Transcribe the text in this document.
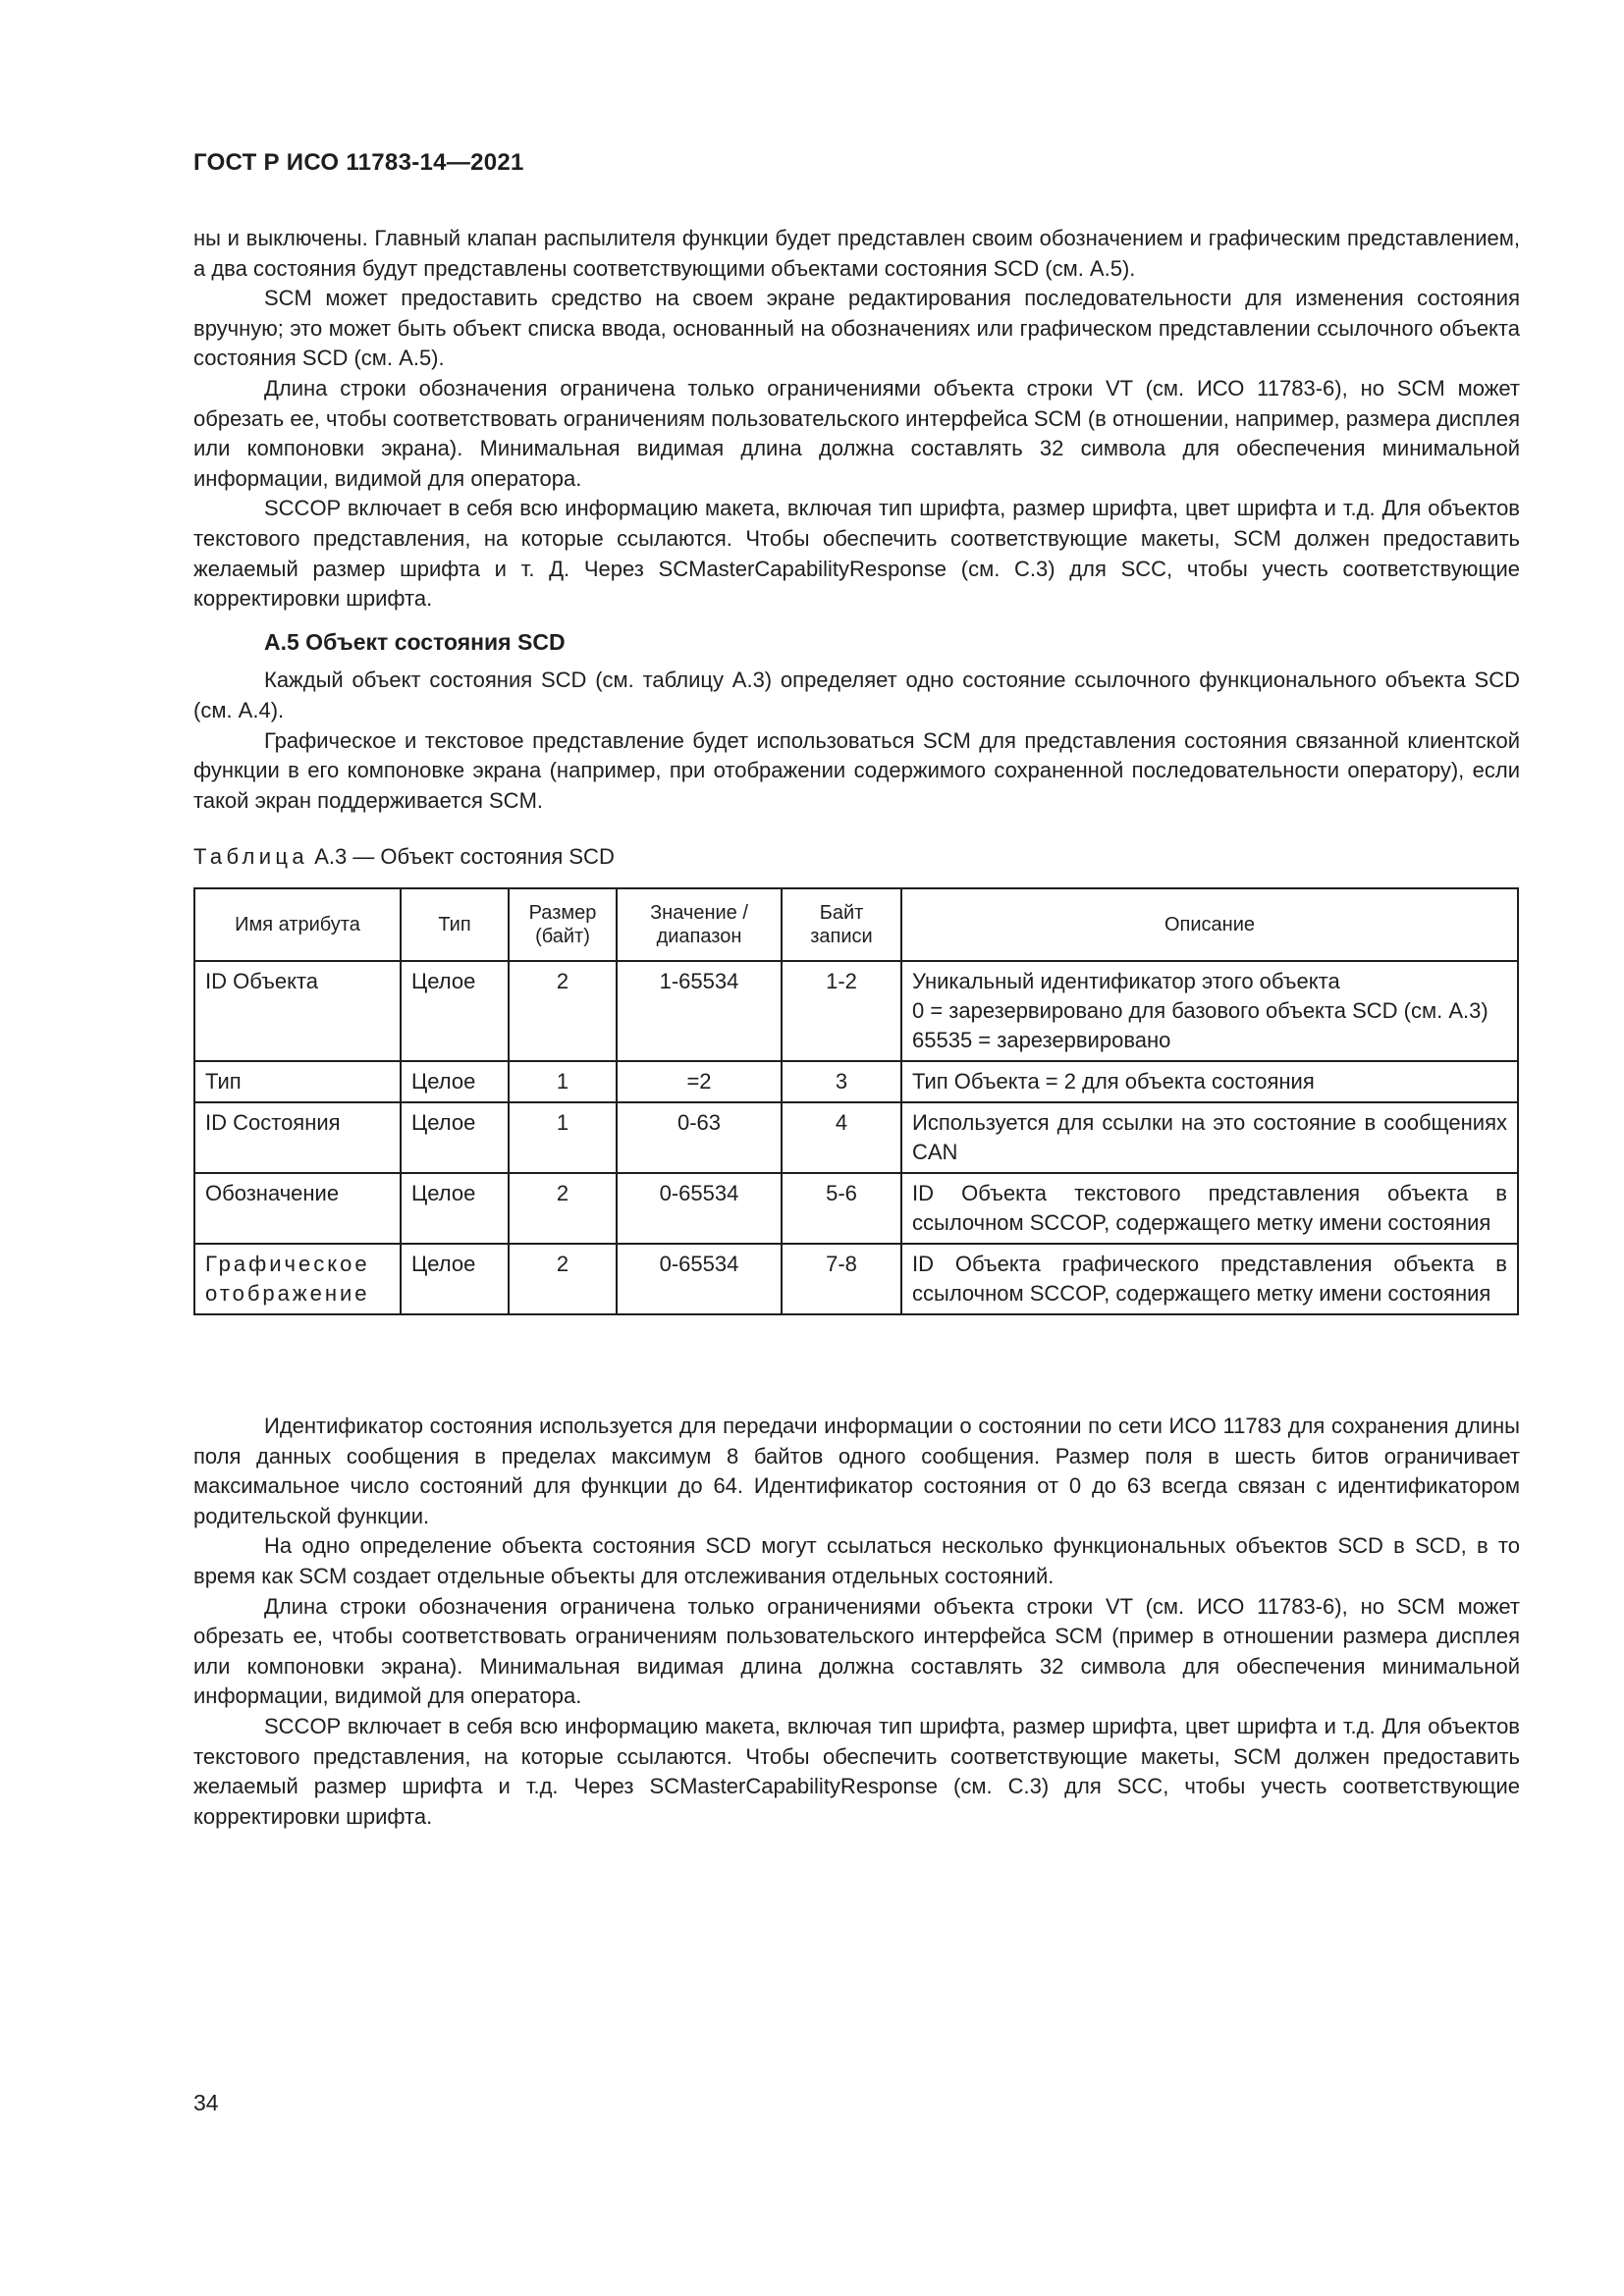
ГОСТ Р ИСО 11783-14—2021

ны и выключены. Главный клапан распылителя функции будет представлен своим обозначением и графическим представлением, а два состояния будут представлены соответствующими объектами состояния SCD (см. А.5).

SCM может предоставить средство на своем экране редактирования последовательности для изменения состояния вручную; это может быть объект списка ввода, основанный на обозначениях или графическом представлении ссылочного объекта состояния SCD (см. А.5).

Длина строки обозначения ограничена только ограничениями объекта строки VT (см. ИСО 11783-6), но SCM может обрезать ее, чтобы соответствовать ограничениям пользовательского интерфейса SCM (в отношении, например, размера дисплея или компоновки экрана). Минимальная видимая длина должна составлять 32 символа для обеспечения минимальной информации, видимой для оператора.

SCCOP включает в себя всю информацию макета, включая тип шрифта, размер шрифта, цвет шрифта и т.д. Для объектов текстового представления, на которые ссылаются. Чтобы обеспечить соответствующие макеты, SCM должен предоставить желаемый размер шрифта и т. Д. Через SCMasterCapabilityResponse (см. С.3) для SCC, чтобы учесть соответствующие корректировки шрифта.

А.5 Объект состояния SCD

Каждый объект состояния SCD (см. таблицу А.3) определяет одно состояние ссылочного функционального объекта SCD (см. А.4).

Графическое и текстовое представление будет использоваться SCM для представления состояния связанной клиентской функции в его компоновке экрана (например, при отображении содержимого сохраненной последовательности оператору), если такой экран поддерживается SCM.

Таблица А.3 — Объект состояния SCD
Имя атрибута	Тип	Размер (байт)	Значение / диапазон	Байт записи	Описание
ID Объекта	Целое	2	1-65534	1-2	Уникальный идентификатор этого объекта
0 = зарезервировано для базового объекта SCD (см. А.3)
65535 = зарезервировано
Тип	Целое	1	=2	3	Тип Объекта = 2 для объекта состояния
ID Состояния	Целое	1	0-63	4	Используется для ссылки на это состояние в сообщениях CAN
Обозначение	Целое	2	0-65534	5-6	ID Объекта текстового представления объекта в ссылочном SCCOP, содержащего метку имени состояния
Графическое отображение	Целое	2	0-65534	7-8	ID Объекта графического представления объекта в ссылочном SCCOP, содержащего метку имени состояния

Идентификатор состояния используется для передачи информации о состоянии по сети ИСО 11783 для сохранения длины поля данных сообщения в пределах максимум 8 байтов одного сообщения. Размер поля в шесть битов ограничивает максимальное число состояний для функции до 64. Идентификатор состояния от 0 до 63 всегда связан с идентификатором родительской функции.

На одно определение объекта состояния SCD могут ссылаться несколько функциональных объектов SCD в SCD, в то время как SCM создает отдельные объекты для отслеживания отдельных состояний.

Длина строки обозначения ограничена только ограничениями объекта строки VT (см. ИСО 11783-6), но SCM может обрезать ее, чтобы соответствовать ограничениям пользовательского интерфейса SCM (пример в отношении размера дисплея или компоновки экрана). Минимальная видимая длина должна составлять 32 символа для обеспечения минимальной информации, видимой для оператора.

SCCOP включает в себя всю информацию макета, включая тип шрифта, размер шрифта, цвет шрифта и т.д. Для объектов текстового представления, на которые ссылаются. Чтобы обеспечить соответствующие макеты, SCM должен предоставить желаемый размер шрифта и т.д. Через SCMasterCapabilityResponse (см. С.3) для SCC, чтобы учесть соответствующие корректировки шрифта.

34
